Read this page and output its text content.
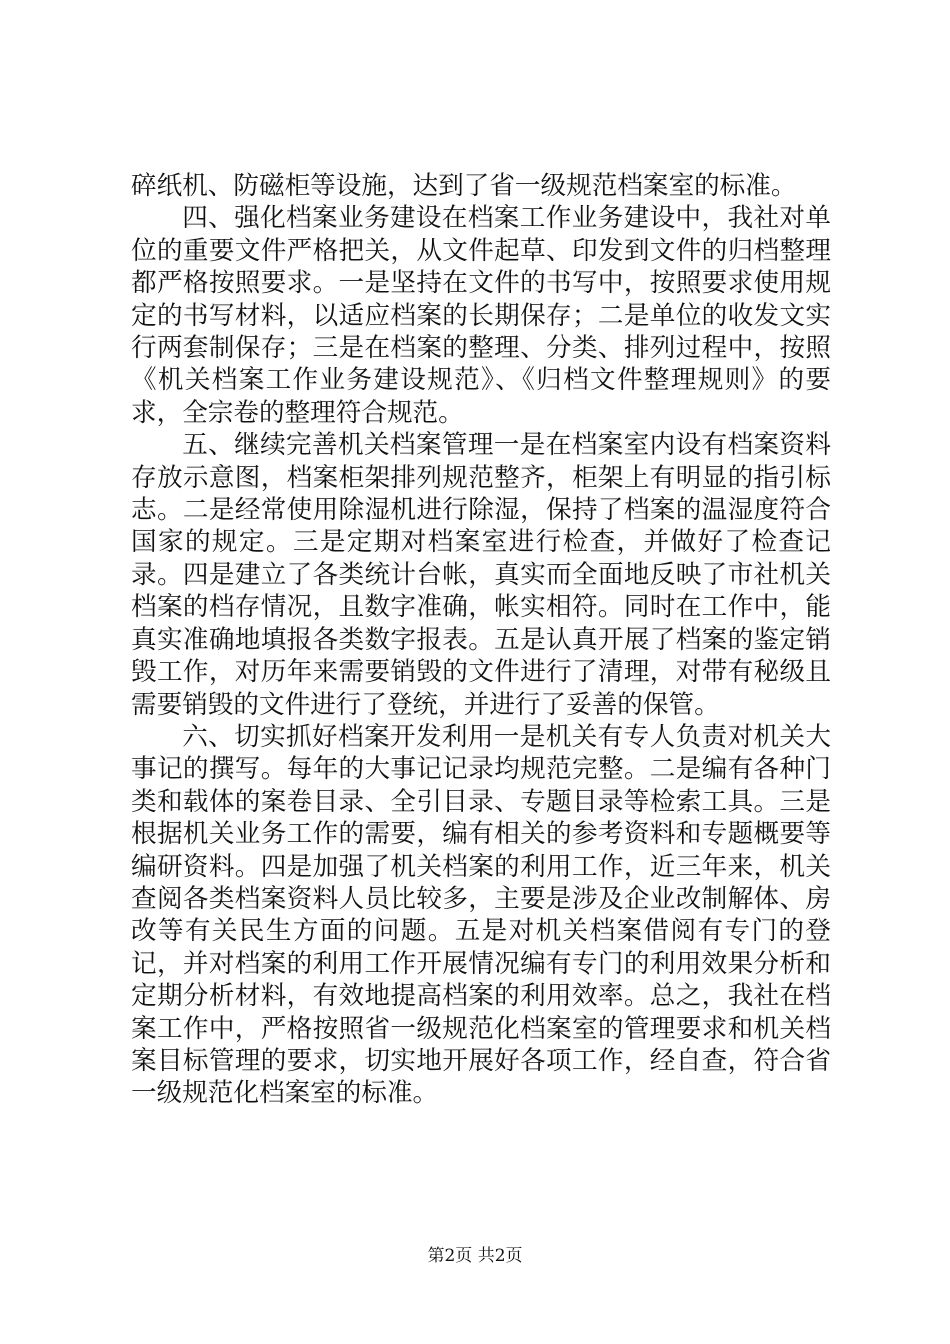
碎纸机、防磁柜等设施，达到了省一级规范档案室的标准。

四、强化档案业务建设在档案工作业务建设中，我社对单位的重要文件严格把关，从文件起草、印发到文件的归档整理都严格按照要求。一是坚持在文件的书写中，按照要求使用规定的书写材料，以适应档案的长期保存；二是单位的收发文实行两套制保存；三是在档案的整理、分类、排列过程中，按照《机关档案工作业务建设规范》、《归档文件整理规则》的要求，全宗卷的整理符合规范。

五、继续完善机关档案管理一是在档案室内设有档案资料存放示意图，档案柜架排列规范整齐，柜架上有明显的指引标志。二是经常使用除湿机进行除湿，保持了档案的温湿度符合国家的规定。三是定期对档案室进行检查，并做好了检查记录。四是建立了各类统计台帐，真实而全面地反映了市社机关档案的档存情况，且数字准确，帐实相符。同时在工作中，能真实准确地填报各类数字报表。五是认真开展了档案的鉴定销毁工作，对历年来需要销毁的文件进行了清理，对带有秘级且需要销毁的文件进行了登统，并进行了妥善的保管。

六、切实抓好档案开发利用一是机关有专人负责对机关大事记的撰写。每年的大事记记录均规范完整。二是编有各种门类和载体的案卷目录、全引目录、专题目录等检索工具。三是根据机关业务工作的需要，编有相关的参考资料和专题概要等编研资料。四是加强了机关档案的利用工作，近三年来，机关查阅各类档案资料人员比较多，主要是涉及企业改制解体、房改等有关民生方面的问题。五是对机关档案借阅有专门的登记，并对档案的利用工作开展情况编有专门的利用效果分析和定期分析材料，有效地提高档案的利用效率。总之，我社在档案工作中，严格按照省一级规范化档案室的管理要求和机关档案目标管理的要求，切实地开展好各项工作，经自查，符合省一级规范化档案室的标准。

第2页 共2页
